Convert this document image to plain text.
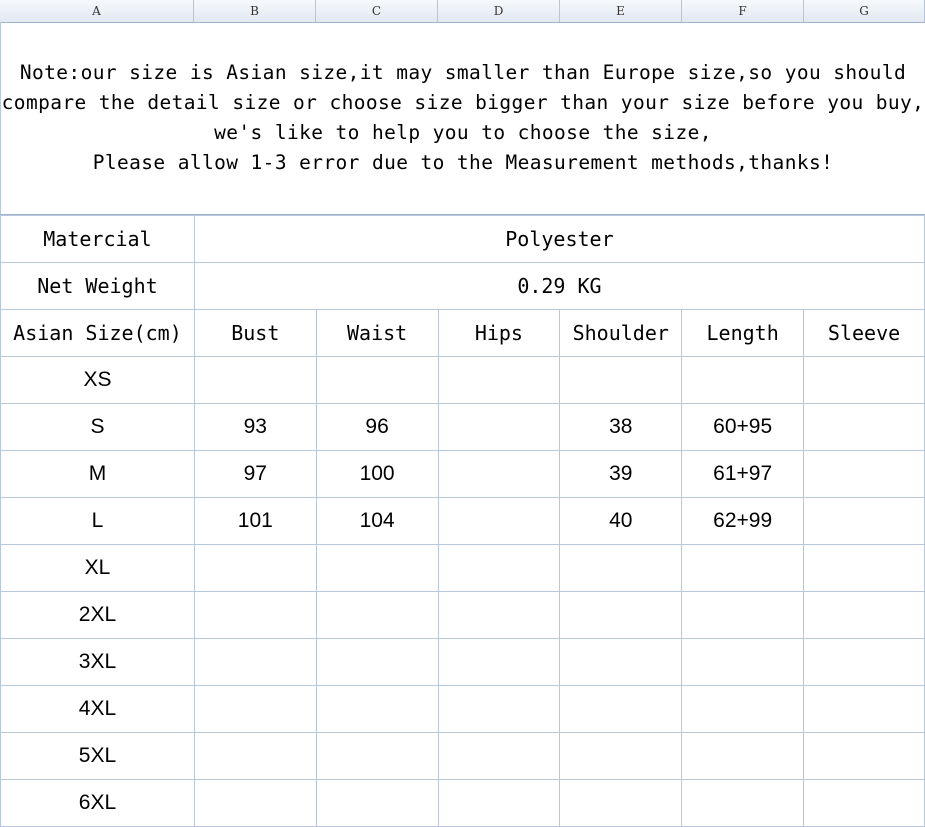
A	B	C	D	E	F	G
Note:our size is Asian size,it may smaller than Europe size,so you should
compare the detail size or choose size bigger than your size before you buy,
we's like to help you to choose the size,
Please allow 1-3 error due to the Measurement methods,thanks!
Matercial	Polyester					
Net Weight	0.29 KG					
Asian Size(cm)	Bust	Waist	Hips	Shoulder	Length	Sleeve
XS						
S	93	96		38	60+95	
M	97	100		39	61+97	
L	101	104		40	62+99	
XL						
2XL						
3XL						
4XL						
5XL						
6XL						
